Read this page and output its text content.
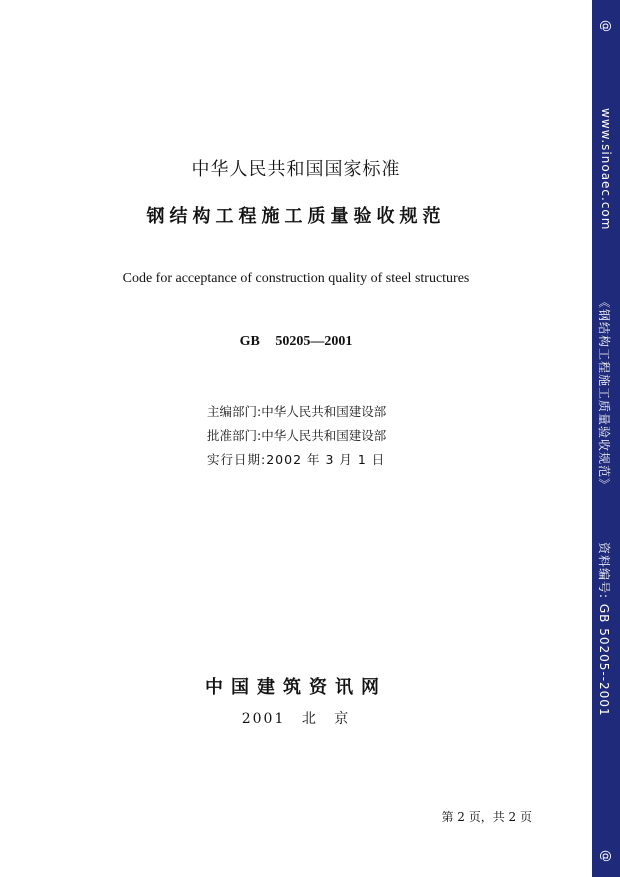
中华人民共和国国家标准
钢结构工程施工质量验收规范
Code for acceptance of construction quality of steel structures
GB 50205—2001
主编部门:中华人民共和国建设部
批准部门:中华人民共和国建设部
实行日期:2002 年 3 月 1 日
中国建筑资讯网
2001 北 京
第 2 页，共 2 页
@
www.sinoaec.com
《钢结构工程施工质量验收规范》
资料编号: GB 50205--2001
@
